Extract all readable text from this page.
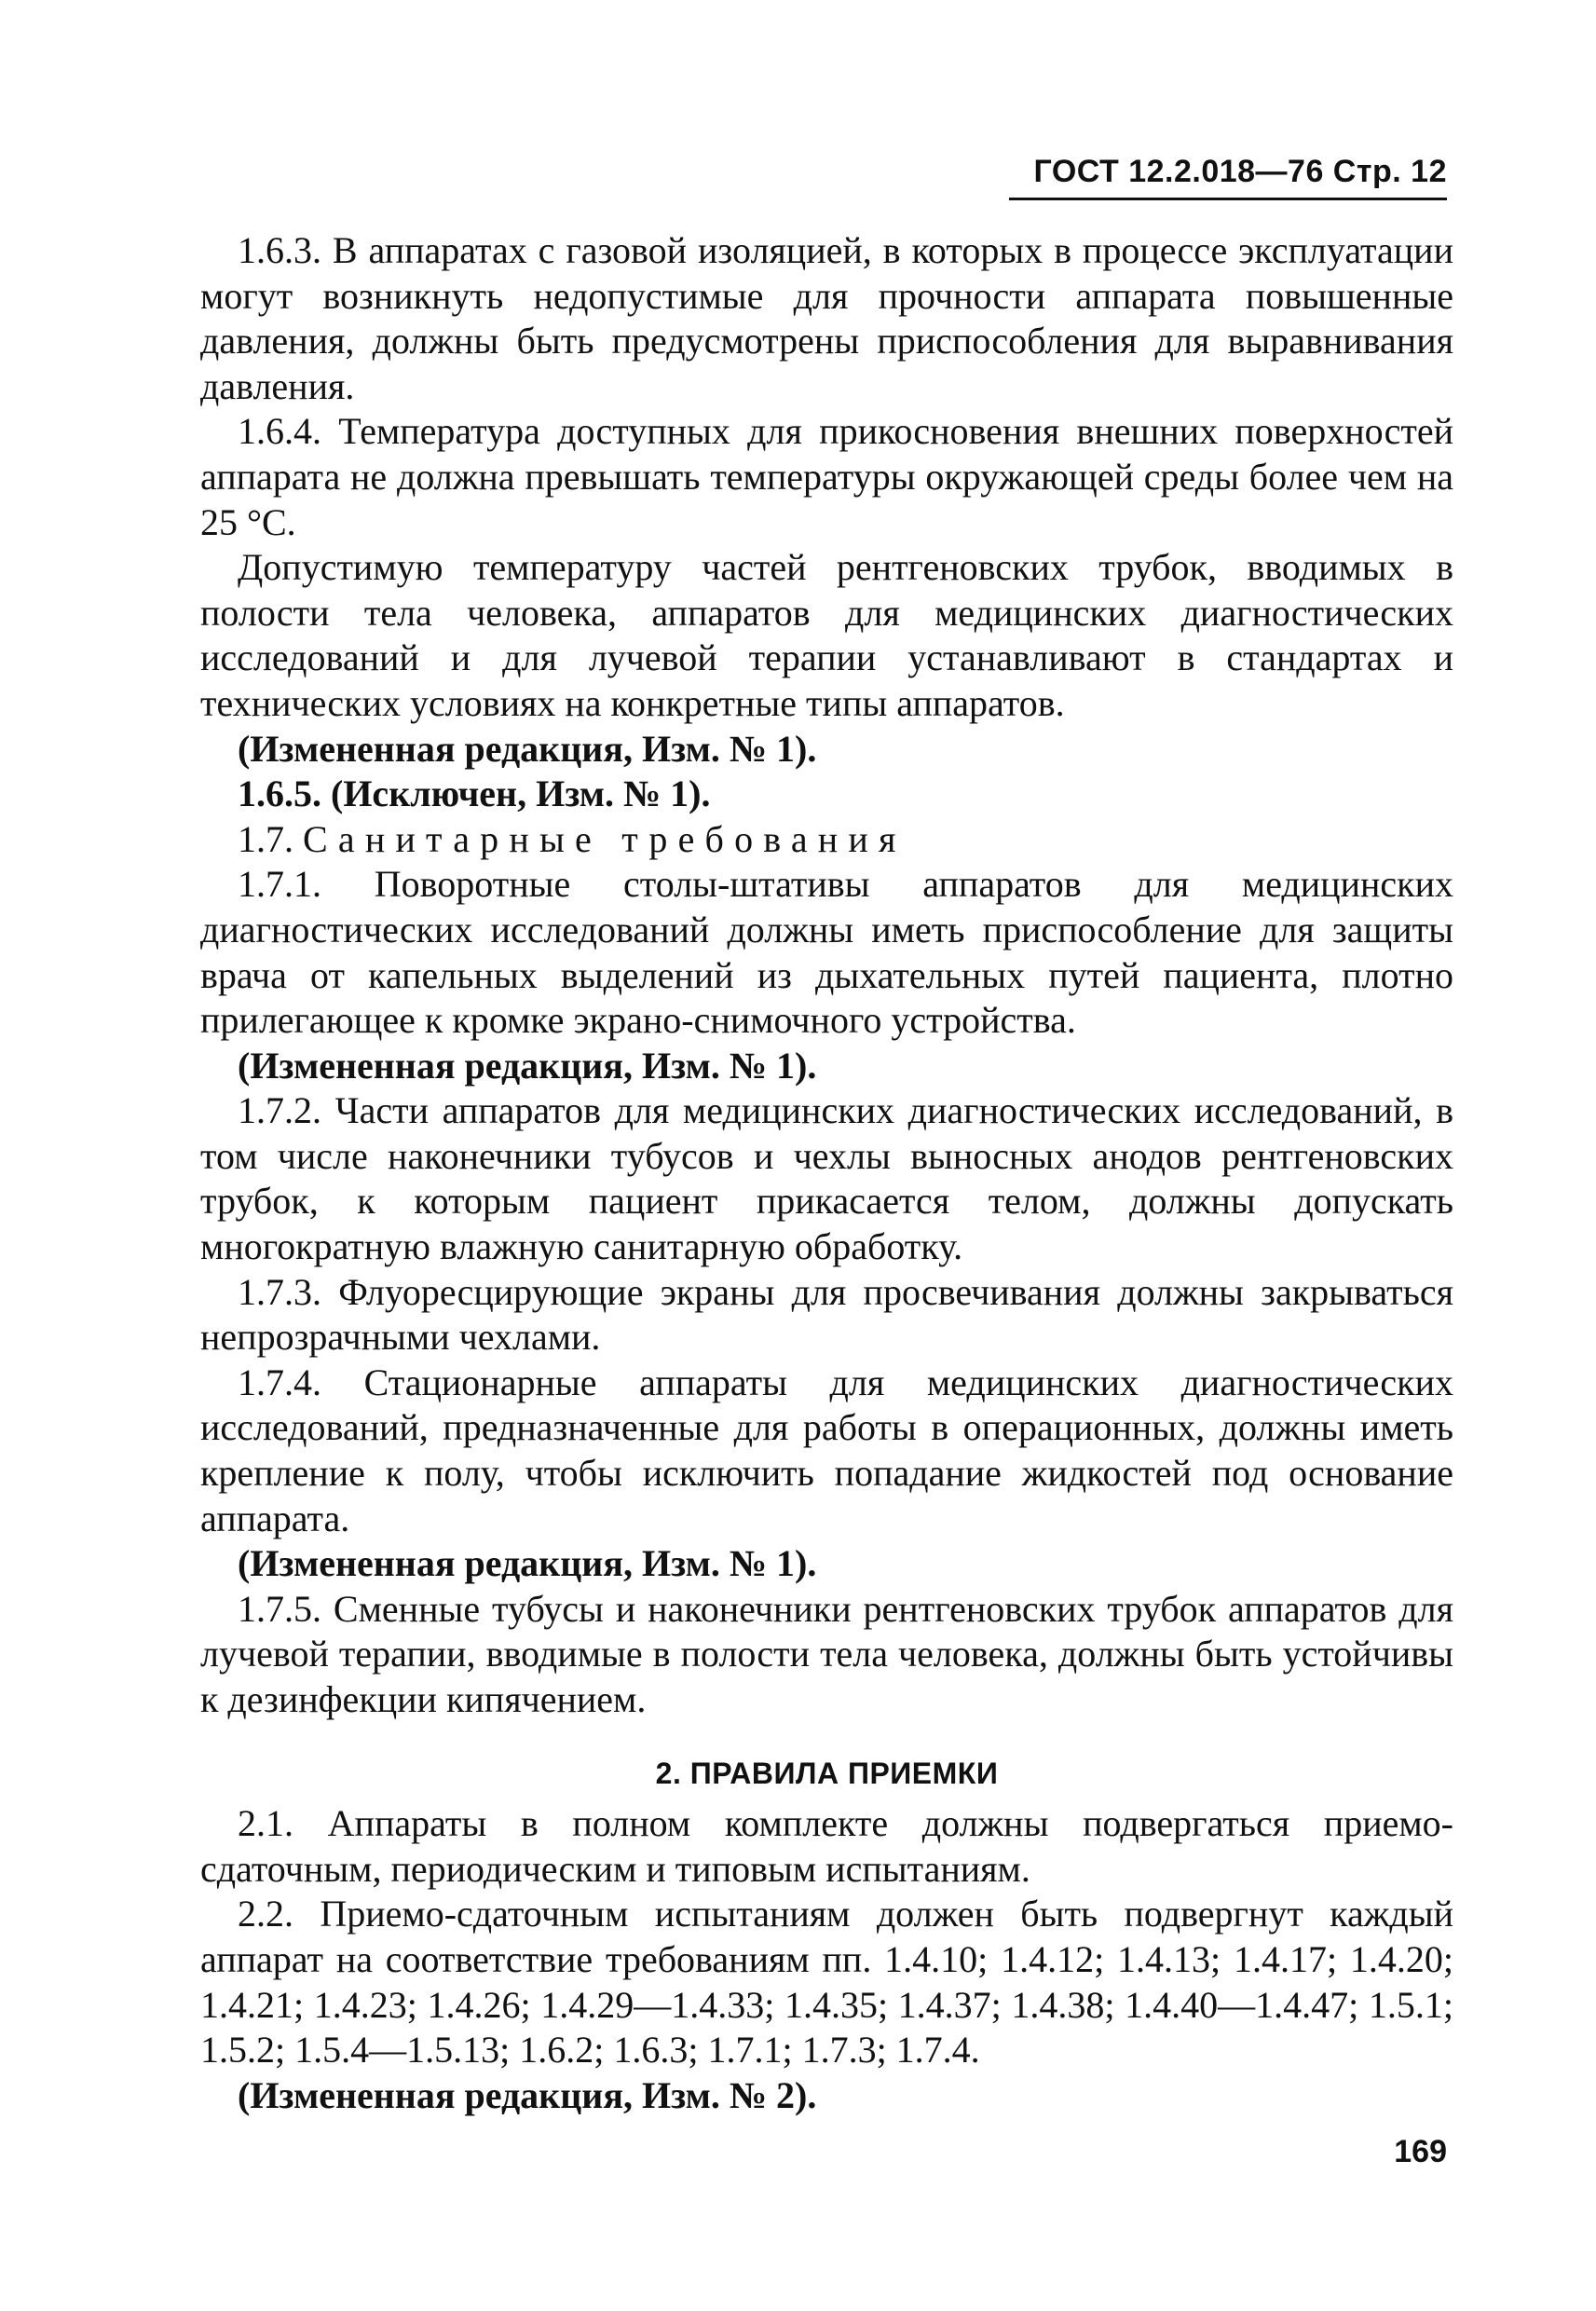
ГОСТ 12.2.018—76 Стр. 12

1.6.3. В аппаратах с газовой изоляцией, в которых в процессе эксплуатации могут возникнуть недопустимые для прочности аппарата повышенные давления, должны быть предусмотрены приспособления для выравнивания давления.

1.6.4. Температура доступных для прикосновения внешних поверхностей аппарата не должна превышать температуры окружающей среды более чем на 25 °С.

Допустимую температуру частей рентгеновских трубок, вводимых в полости тела человека, аппаратов для медицинских диагностических исследований и для лучевой терапии устанавливают в стандартах и технических условиях на конкретные типы аппаратов.

(Измененная редакция, Изм. № 1).

1.6.5. (Исключен, Изм. № 1).

1.7. Санитарные требования

1.7.1. Поворотные столы-штативы аппаратов для медицинских диагностических исследований должны иметь приспособление для защиты врача от капельных выделений из дыхательных путей пациента, плотно прилегающее к кромке экрано-снимочного устройства.

(Измененная редакция, Изм. № 1).

1.7.2. Части аппаратов для медицинских диагностических исследований, в том числе наконечники тубусов и чехлы выносных анодов рентгеновских трубок, к которым пациент прикасается телом, должны допускать многократную влажную санитарную обработку.

1.7.3. Флуоресцирующие экраны для просвечивания должны закрываться непрозрачными чехлами.

1.7.4. Стационарные аппараты для медицинских диагностических исследований, предназначенные для работы в операционных, должны иметь крепление к полу, чтобы исключить попадание жидкостей под основание аппарата.

(Измененная редакция, Изм. № 1).

1.7.5. Сменные тубусы и наконечники рентгеновских трубок аппаратов для лучевой терапии, вводимые в полости тела человека, должны быть устойчивы к дезинфекции кипячением.

2. ПРАВИЛА ПРИЕМКИ

2.1. Аппараты в полном комплекте должны подвергаться приемо-сдаточным, периодическим и типовым испытаниям.

2.2. Приемо-сдаточным испытаниям должен быть подвергнут каждый аппарат на соответствие требованиям пп. 1.4.10; 1.4.12; 1.4.13; 1.4.17; 1.4.20; 1.4.21; 1.4.23; 1.4.26; 1.4.29—1.4.33; 1.4.35; 1.4.37; 1.4.38; 1.4.40—1.4.47; 1.5.1; 1.5.2; 1.5.4—1.5.13; 1.6.2; 1.6.3; 1.7.1; 1.7.3; 1.7.4.

(Измененная редакция, Изм. № 2).

169
